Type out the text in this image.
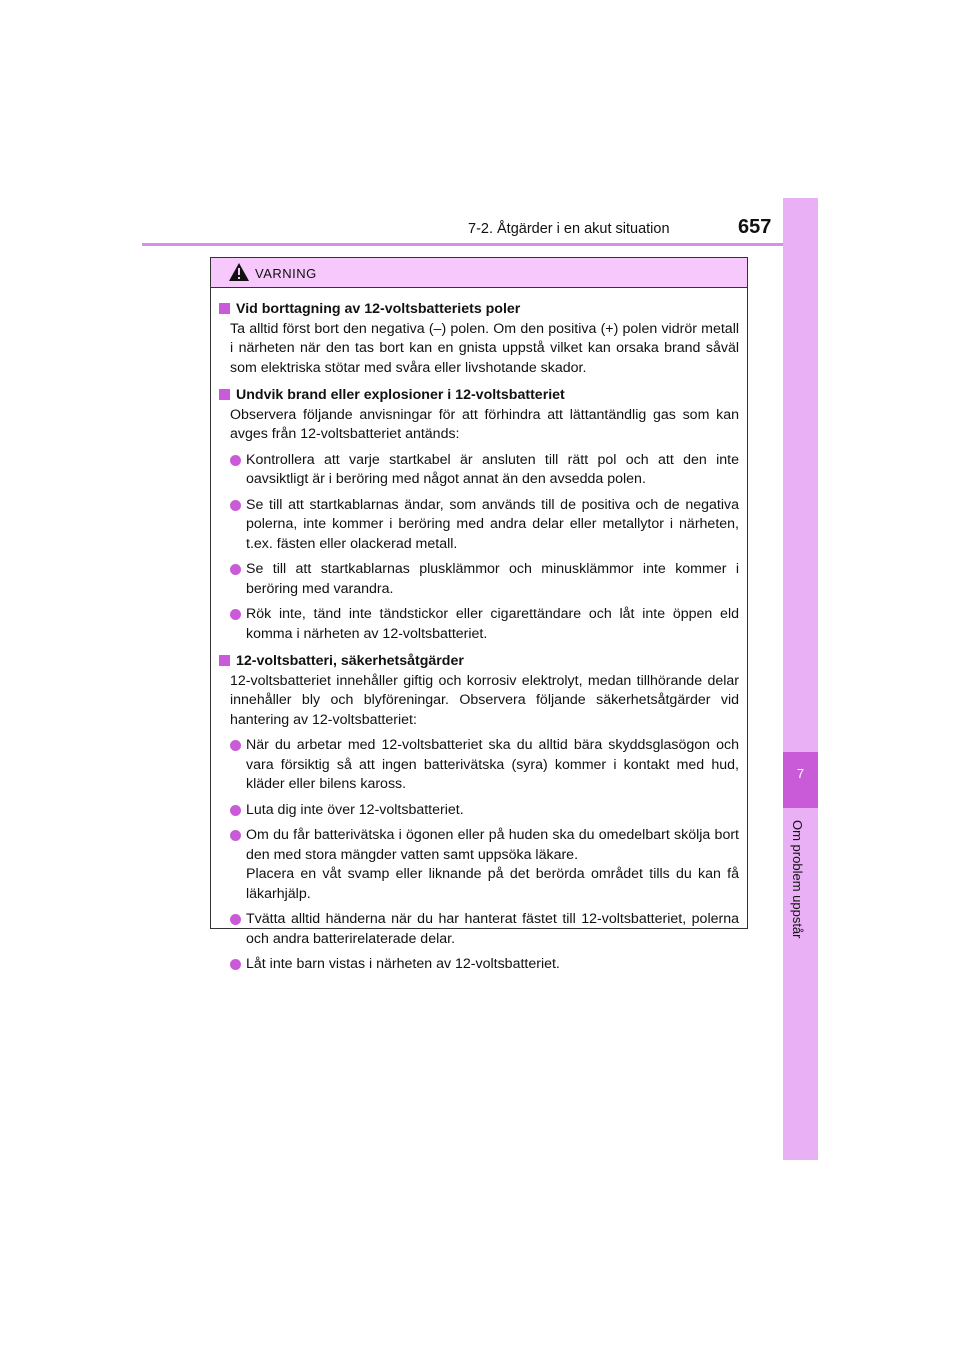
7-2. Åtgärder i en akut situation	657
7
Om problem uppstår
VARNING
Vid borttagning av 12-voltsbatteriets poler
Ta alltid först bort den negativa (–) polen. Om den positiva (+) polen vidrör metall i närheten när den tas bort kan en gnista uppstå vilket kan orsaka brand såväl som elektriska stötar med svåra eller livshotande skador.
Undvik brand eller explosioner i 12-voltsbatteriet
Observera följande anvisningar för att förhindra att lättantändlig gas som kan avges från 12-voltsbatteriet antänds:
Kontrollera att varje startkabel är ansluten till rätt pol och att den inte oavsiktligt är i beröring med något annat än den avsedda polen.
Se till att startkablarnas ändar, som används till de positiva och de negativa polerna, inte kommer i beröring med andra delar eller metallytor i närheten, t.ex. fästen eller olackerad metall.
Se till att startkablarnas plusklämmor och minusklämmor inte kommer i beröring med varandra.
Rök inte, tänd inte tändstickor eller cigarettändare och låt inte öppen eld komma i närheten av 12-voltsbatteriet.
12-voltsbatteri, säkerhetsåtgärder
12-voltsbatteriet innehåller giftig och korrosiv elektrolyt, medan tillhörande delar innehåller bly och blyföreningar. Observera följande säkerhetsåtgärder vid hantering av 12-voltsbatteriet:
När du arbetar med 12-voltsbatteriet ska du alltid bära skyddsglasögon och vara försiktig så att ingen batterivätska (syra) kommer i kontakt med hud, kläder eller bilens kaross.
Luta dig inte över 12-voltsbatteriet.
Om du får batterivätska i ögonen eller på huden ska du omedelbart skölja bort den med stora mängder vatten samt uppsöka läkare.
Placera en våt svamp eller liknande på det berörda området tills du kan få läkarhjälp.
Tvätta alltid händerna när du har hanterat fästet till 12-voltsbatteriet, polerna och andra batterirelaterade delar.
Låt inte barn vistas i närheten av 12-voltsbatteriet.
